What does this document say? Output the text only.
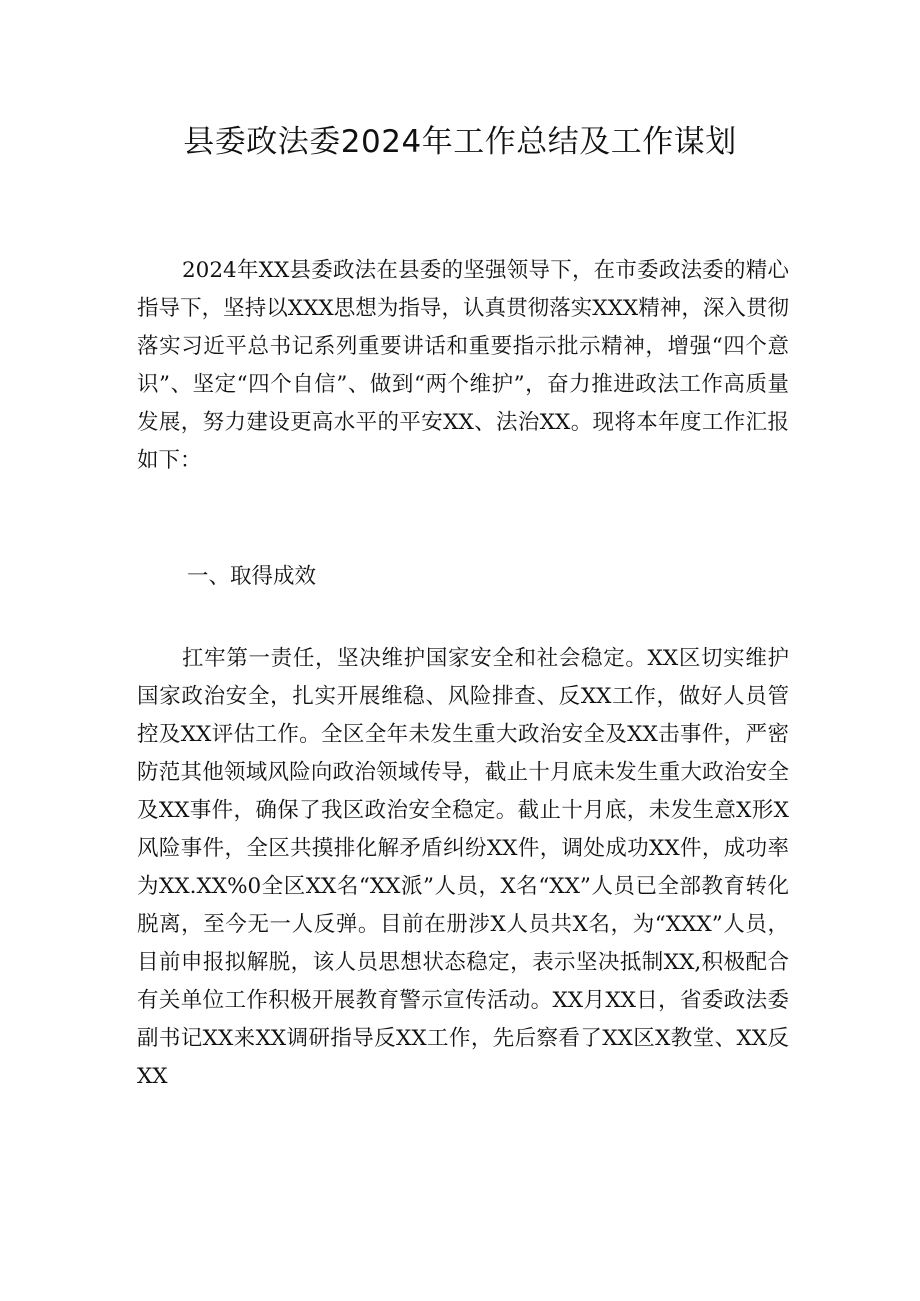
县委政法委2024年工作总结及工作谋划

2024年XX县委政法在县委的坚强领导下，在市委政法委的精心指导下，坚持以XXX思想为指导，认真贯彻落实XXX精神，深入贯彻落实习近平总书记系列重要讲话和重要指示批示精神，增强“四个意识”、坚定“四个自信”、做到“两个维护”，奋力推进政法工作高质量发展，努力建设更高水平的平安XX、法治XX。现将本年度工作汇报如下：

一、取得成效

扛牢第一责任，坚决维护国家安全和社会稳定。XX区切实维护国家政治安全，扎实开展维稳、风险排查、反XX工作，做好人员管控及XX评估工作。全区全年未发生重大政治安全及XX击事件，严密防范其他领域风险向政治领域传导，截止十月底未发生重大政治安全及XX事件，确保了我区政治安全稳定。截止十月底，未发生意X形X风险事件，全区共摸排化解矛盾纠纷XX件，调处成功XX件，成功率为XX.XX%0全区XX名“XX派”人员，X名“XX”人员已全部教育转化脱离，至今无一人反弹。目前在册涉X人员共X名，为“XXX”人员，目前申报拟解脱，该人员思想状态稳定，表示坚决抵制XX,积极配合有关单位工作积极开展教育警示宣传活动。XX月XX日，省委政法委副书记XX来XX调研指导反XX工作，先后察看了XX区X教堂、XX反XX
